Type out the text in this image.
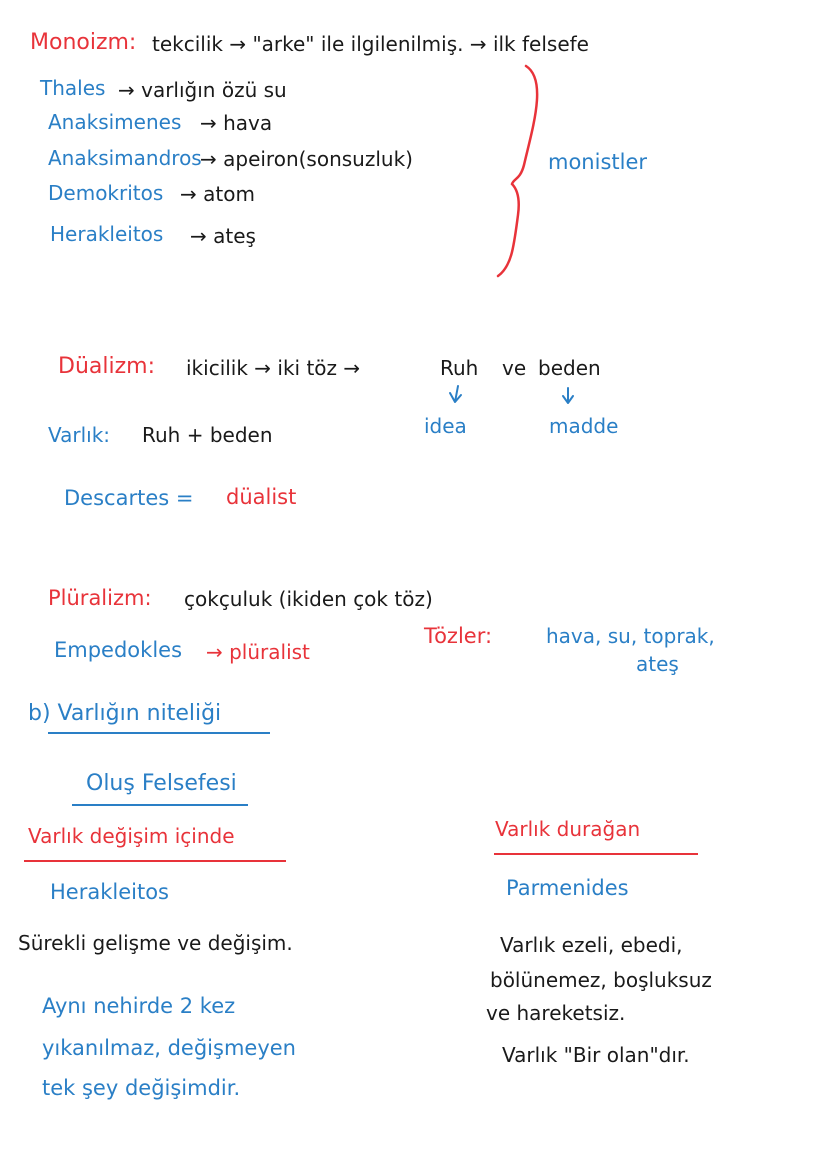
Monoizm: tekcilik → "arke" ile ilgilenilmiş. → ilk felsefe
Thales → varlığın özü su
Anaksimenes → hava
Anaksimandros
→ apeiron(sonsuzluk)
Demokritos → atom
Herakleitos → ateş
monistler
Düalizm: ikicilik → iki töz →	Ruh ve beden
idea	madde
Varlık: Ruh + beden
Descartes = düalist
Plüralizm: çokçuluk (ikiden çok töz)
Empedokles → plüralist
Tözler:	hava, su, toprak,
ateş
b) Varlığın niteliği
Oluş Felsefesi
Varlık değişim içinde
Herakleitos
Sürekli gelişme ve değişim.
Aynı nehirde 2 kez
yıkanılmaz, değişmeyen
tek şey değişimdir.
Varlık durağan
Parmenides
Varlık ezeli, ebedi,
bölünemez, boşluksuz
ve hareketsiz.
Varlık "Bir olan"dır.
